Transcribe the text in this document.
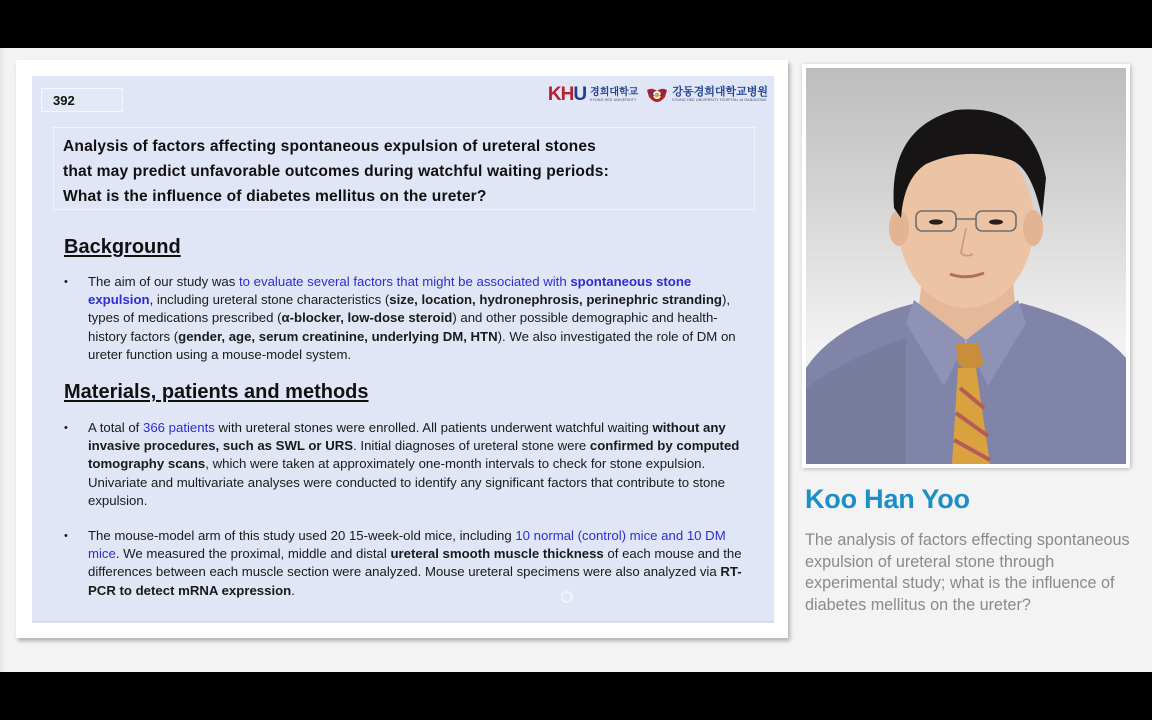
392	KHU 경희대학교
KYUNG HEE UNIVERSITY
강동경희대학교병원
KYUNG HEE UNIVERSITY HOSPITAL at GANGDONG
Analysis of factors affecting spontaneous expulsion of ureteral stones
that may predict unfavorable outcomes during watchful waiting periods:
What is the influence of diabetes mellitus on the ureter?
Background
• The aim of our study was to evaluate several factors that might be associated with spontaneous stone expulsion, including ureteral stone characteristics (size, location, hydronephrosis, perinephric stranding), types of medications prescribed (α-blocker, low-dose steroid) and other possible demographic and health-history factors (gender, age, serum creatinine, underlying DM, HTN). We also investigated the role of DM on ureter function using a mouse-model system.
Materials, patients and methods
• A total of 366 patients with ureteral stones were enrolled. All patients underwent watchful waiting without any invasive procedures, such as SWL or URS. Initial diagnoses of ureteral stone were confirmed by computed tomography scans, which were taken at approximately one-month intervals to check for stone expulsion. Univariate and multivariate analyses were conducted to identify any significant factors that contribute to stone expulsion.
• The mouse-model arm of this study used 20 15-week-old mice, including 10 normal (control) mice and 10 DM mice. We measured the proximal, middle and distal ureteral smooth muscle thickness of each mouse and the differences between each muscle section were analyzed. Mouse ureteral specimens were also analyzed via RT-PCR to detect mRNA expression.
Koo Han Yoo
The analysis of factors effecting spontaneous expulsion of ureteral stone through experimental study; what is the influence of diabetes mellitus on the ureter?
